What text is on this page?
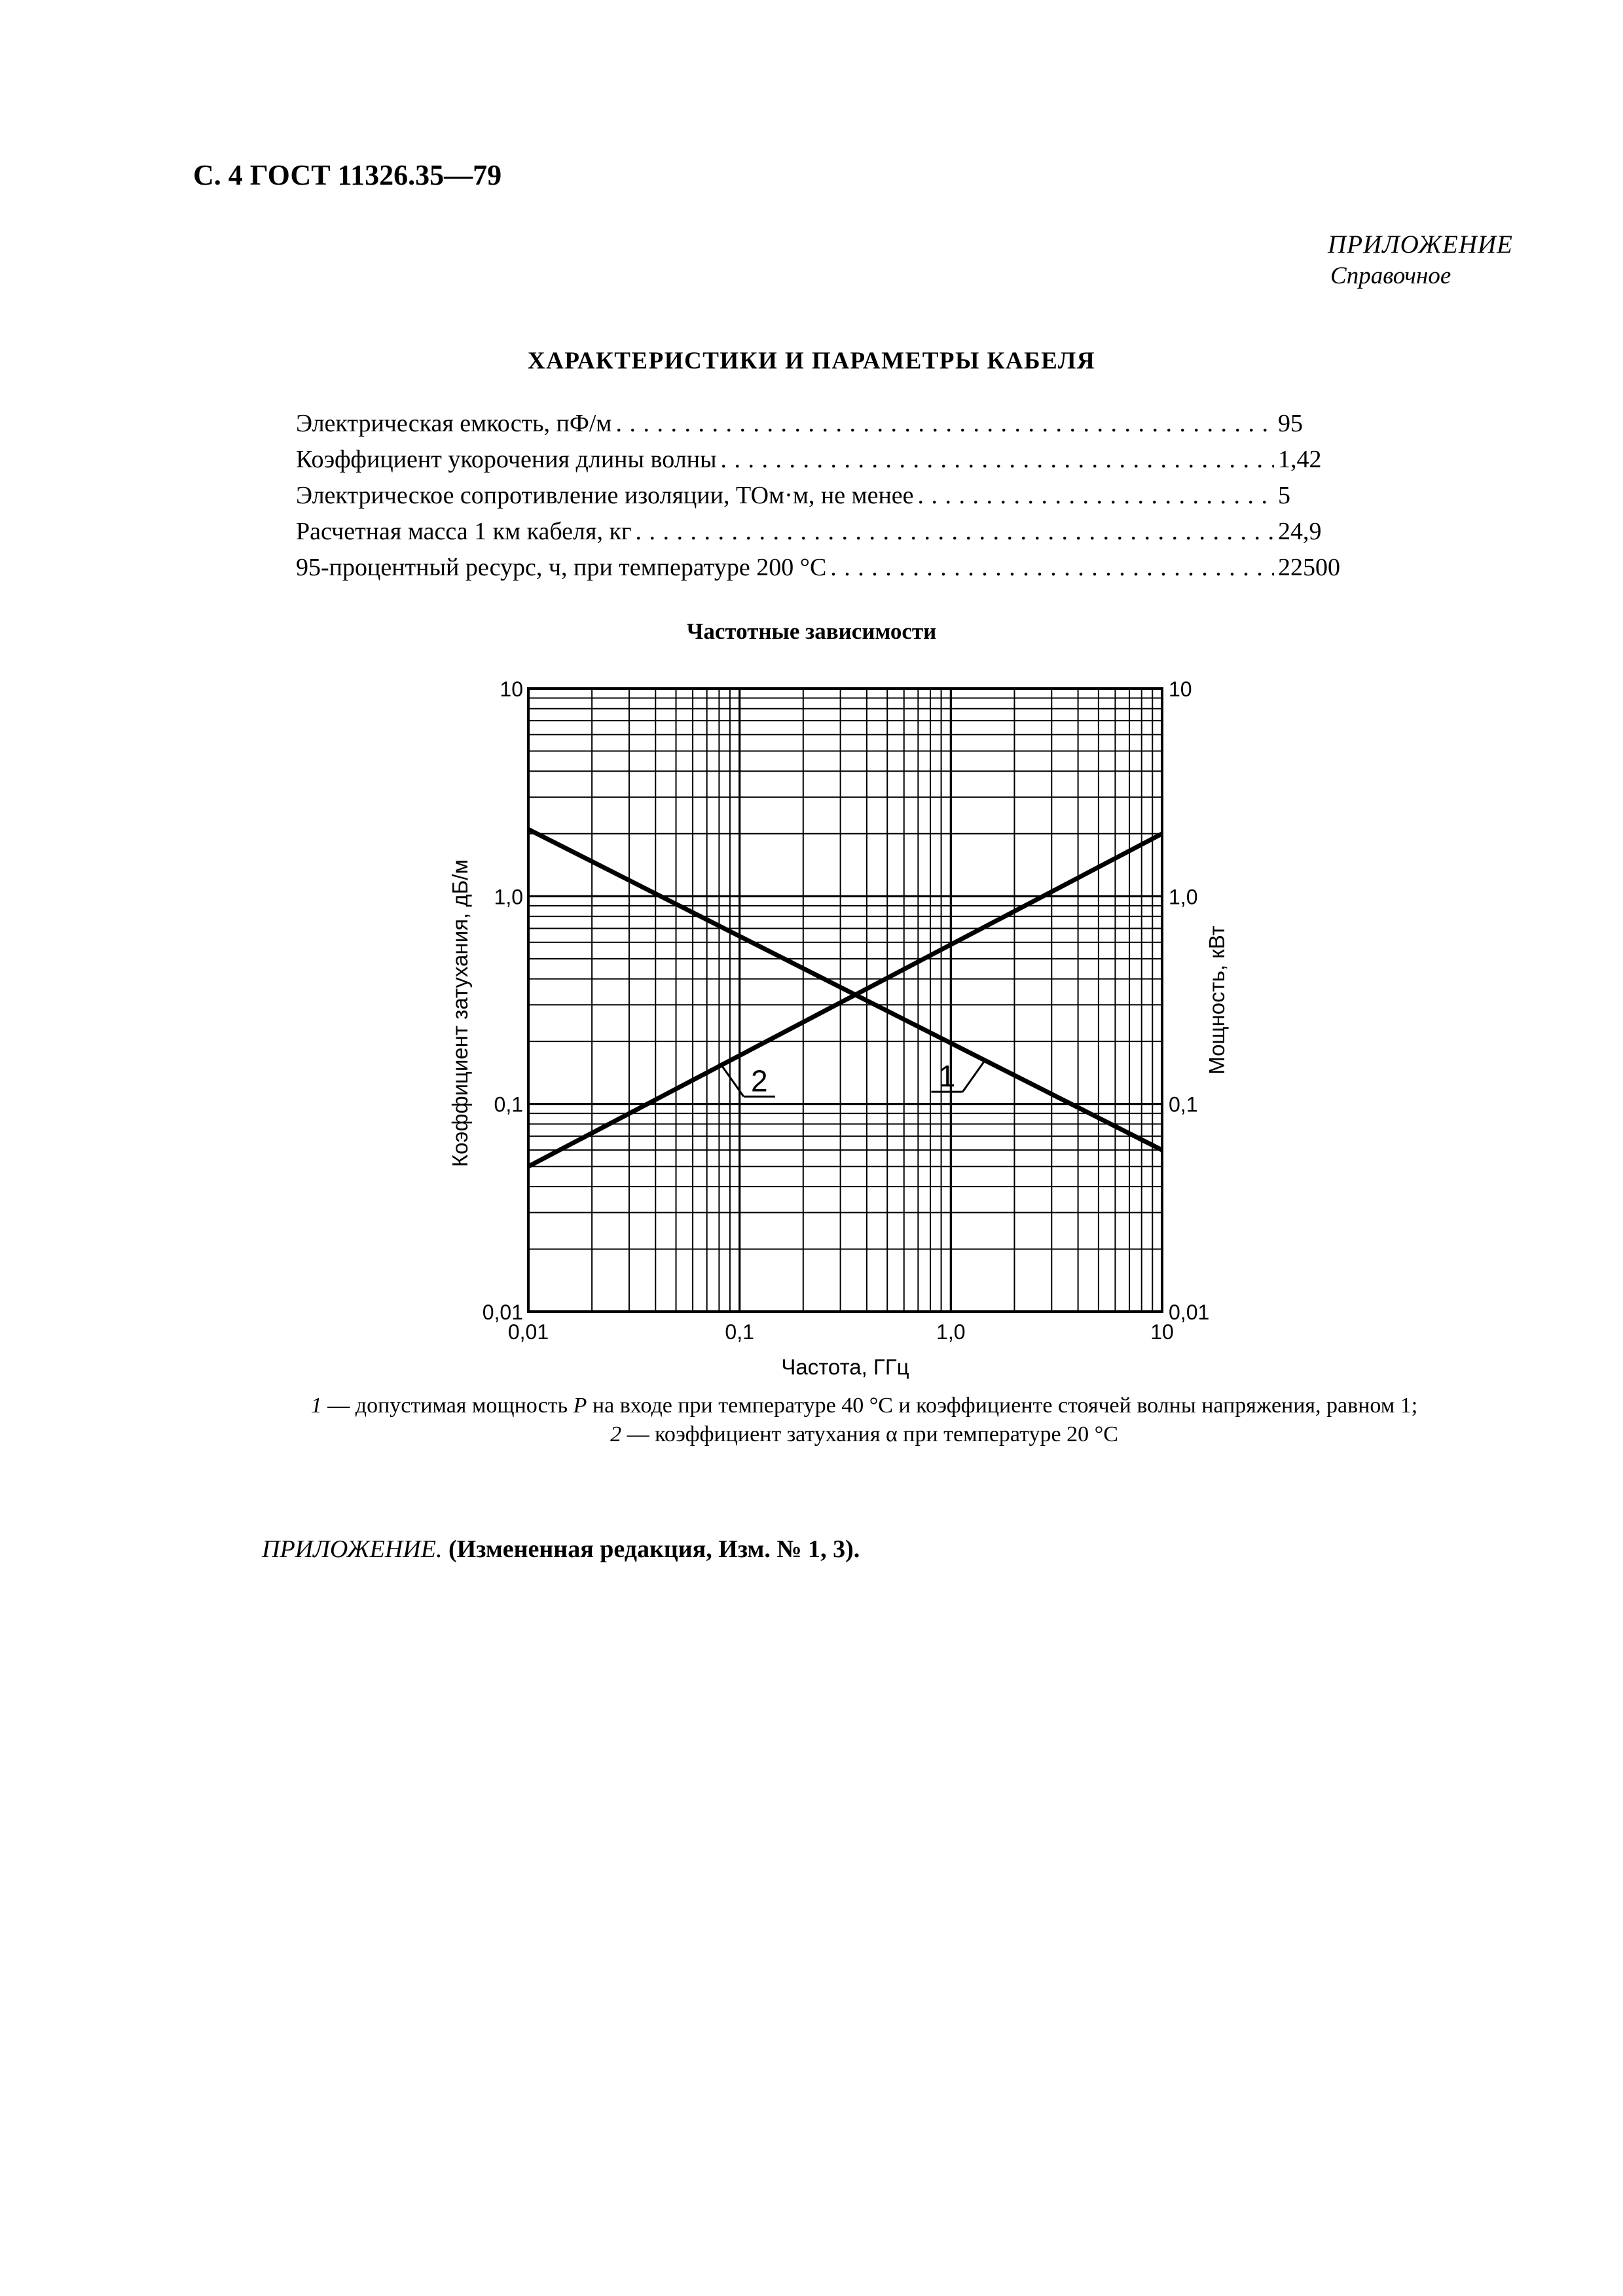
С. 4 ГОСТ 11326.35—79
ПРИЛОЖЕНИЕ
Справочное
ХАРАКТЕРИСТИКИ И ПАРАМЕТРЫ КАБЕЛЯ
Электрическая емкость, пФ/м . . .	95
Коэффициент укорочения длины волны . . .	1,42
Электрическое сопротивление изоляции, ТОм·м, не менее . . .	5
Расчетная масса 1 км кабеля, кг . . .	24,9
95-процентный ресурс, ч, при температуре 200 °С . . .	22500
Частотные зависимости
0,01
0,1
1,0
10
0,01
0,1
1,0
10
0,01	0,1	1,0	10
Частота, ГГц
Коэффициент затухания, дБ/м	Мощность, кВт
1
2
1 — допустимая мощность P на входе при температуре 40 °С и коэффициенте стоячей волны напряжения, равном 1; 2 — коэффициент затухания α при температуре 20 °С
ПРИЛОЖЕНИЕ. (Измененная редакция, Изм. № 1, 3).
